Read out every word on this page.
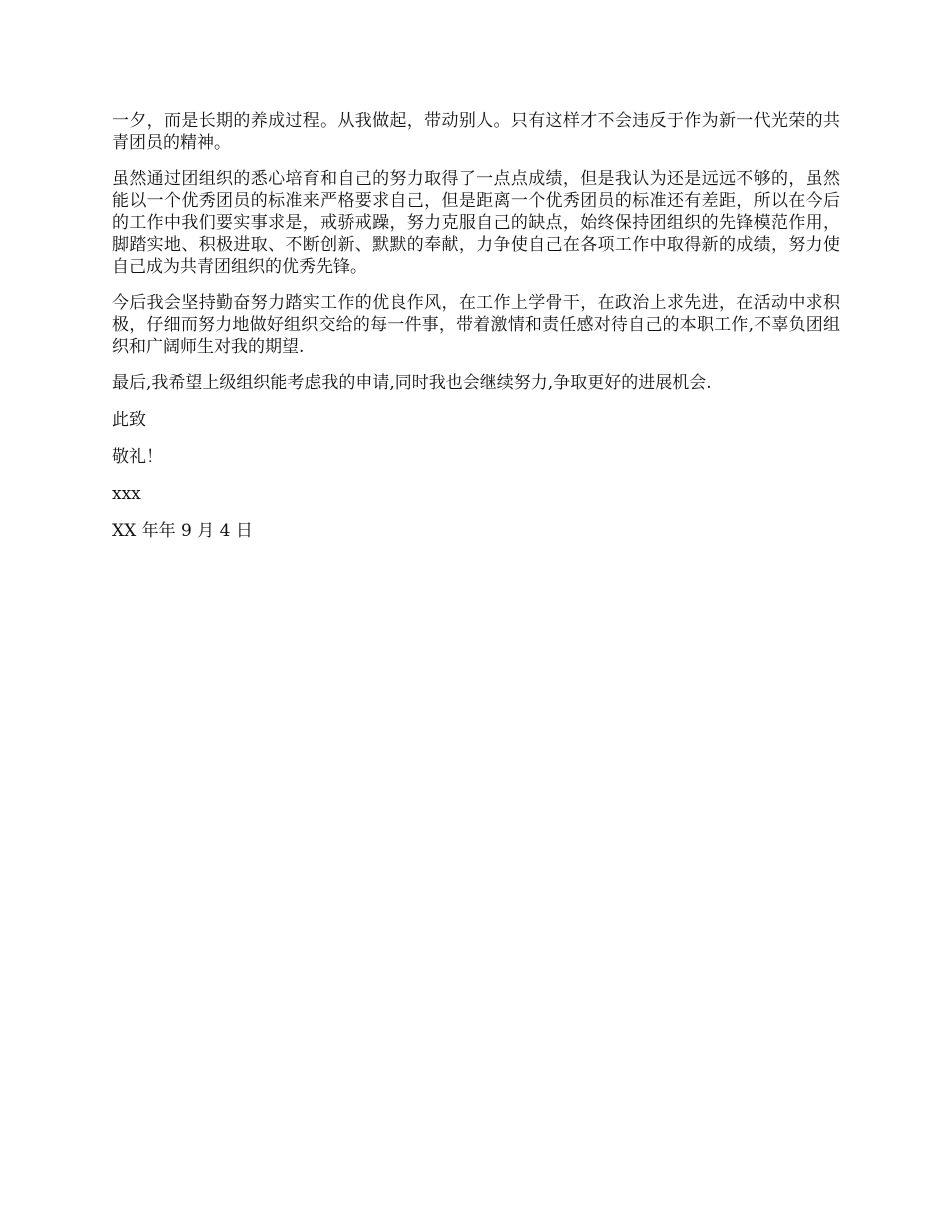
一夕，而是长期的养成过程。从我做起，带动别人。只有这样才不会违反于作为新一代光荣的共青团员的精神。

虽然通过团组织的悉心培育和自己的努力取得了一点点成绩，但是我认为还是远远不够的，虽然能以一个优秀团员的标准来严格要求自己，但是距离一个优秀团员的标准还有差距，所以在今后的工作中我们要实事求是，戒骄戒躁，努力克服自己的缺点，始终保持团组织的先锋模范作用，脚踏实地、积极进取、不断创新、默默的奉献，力争使自己在各项工作中取得新的成绩，努力使自己成为共青团组织的优秀先锋。

今后我会坚持勤奋努力踏实工作的优良作风，在工作上学骨干，在政治上求先进，在活动中求积极，仔细而努力地做好组织交给的每一件事，带着激情和责任感对待自己的本职工作,不辜负团组织和广阔师生对我的期望.

最后,我希望上级组织能考虑我的申请,同时我也会继续努力,争取更好的进展机会.

此致

敬礼！

xxx

XX 年年 9 月 4 日
